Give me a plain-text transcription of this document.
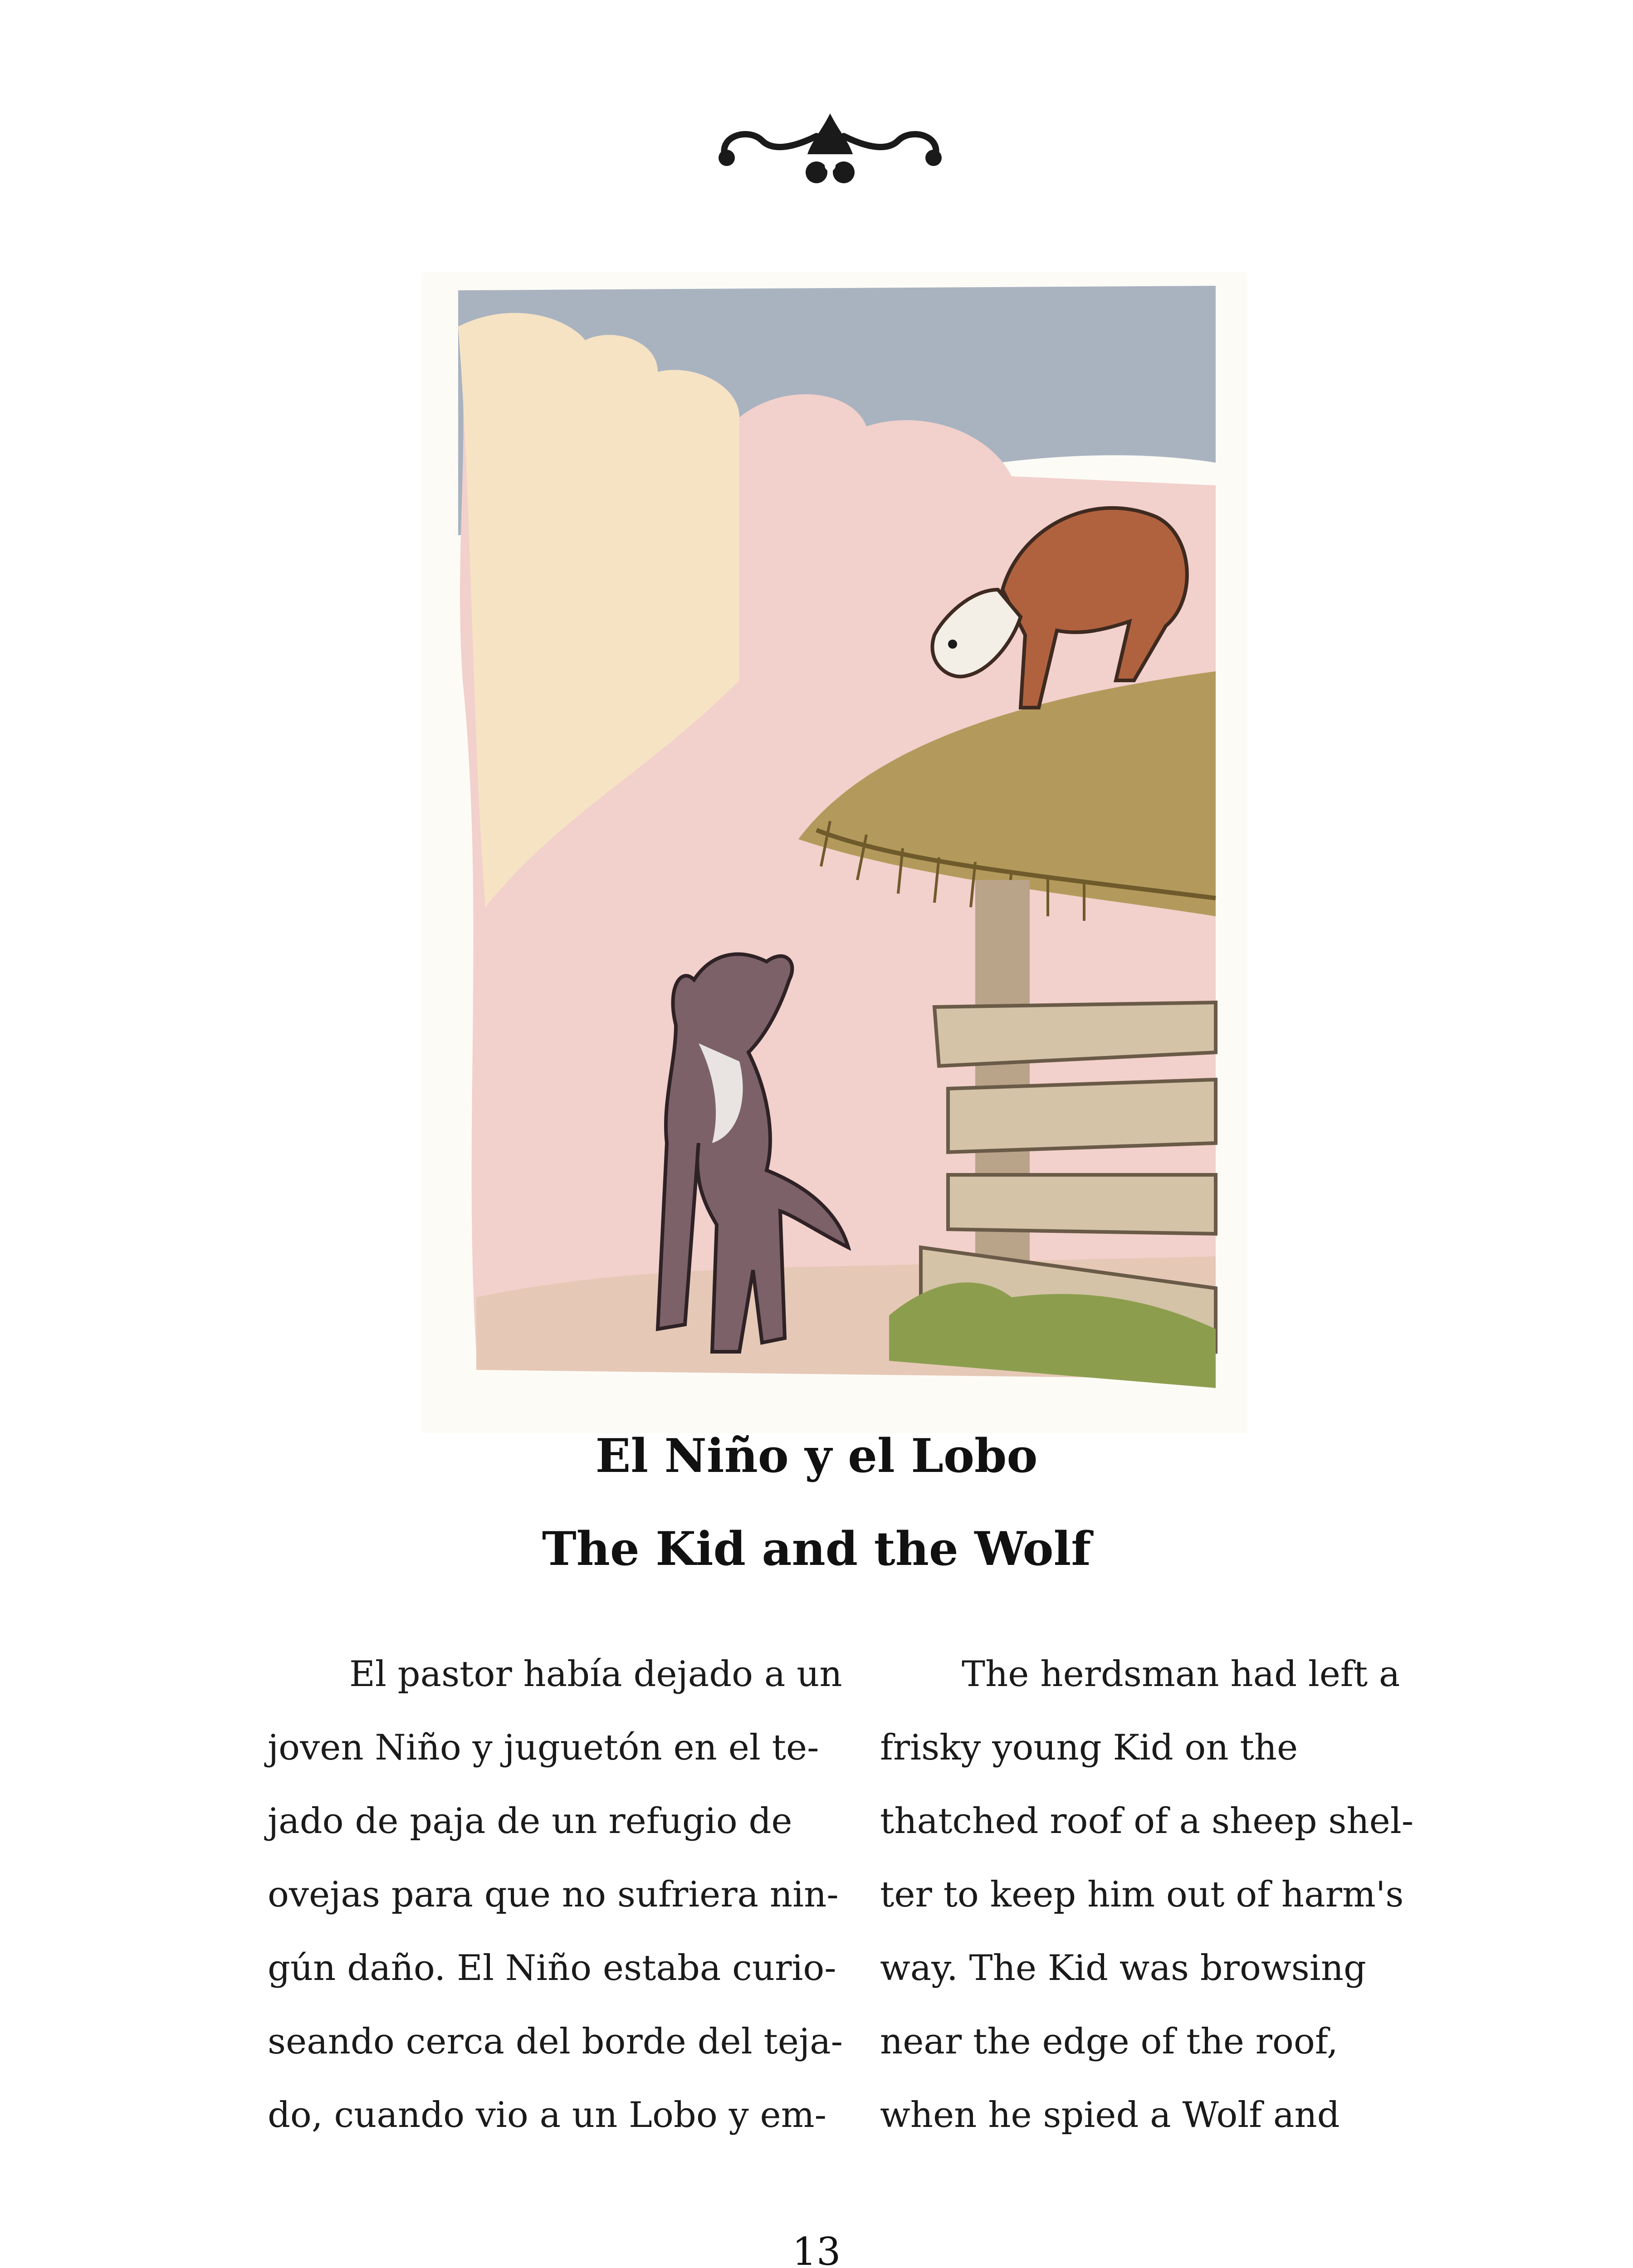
El Niño y el Lobo
The Kid and the Wolf
El pastor había dejado a un
joven Niño y juguetón en el te-
jado de paja de un refugio de
ovejas para que no sufriera nin-
gún daño. El Niño estaba curio-
seando cerca del borde del teja-
do, cuando vio a un Lobo y em-
The herdsman had left a
frisky young Kid on the
thatched roof of a sheep shel-
ter to keep him out of harm's
way. The Kid was browsing
near the edge of the roof,
when he spied a Wolf and
13
